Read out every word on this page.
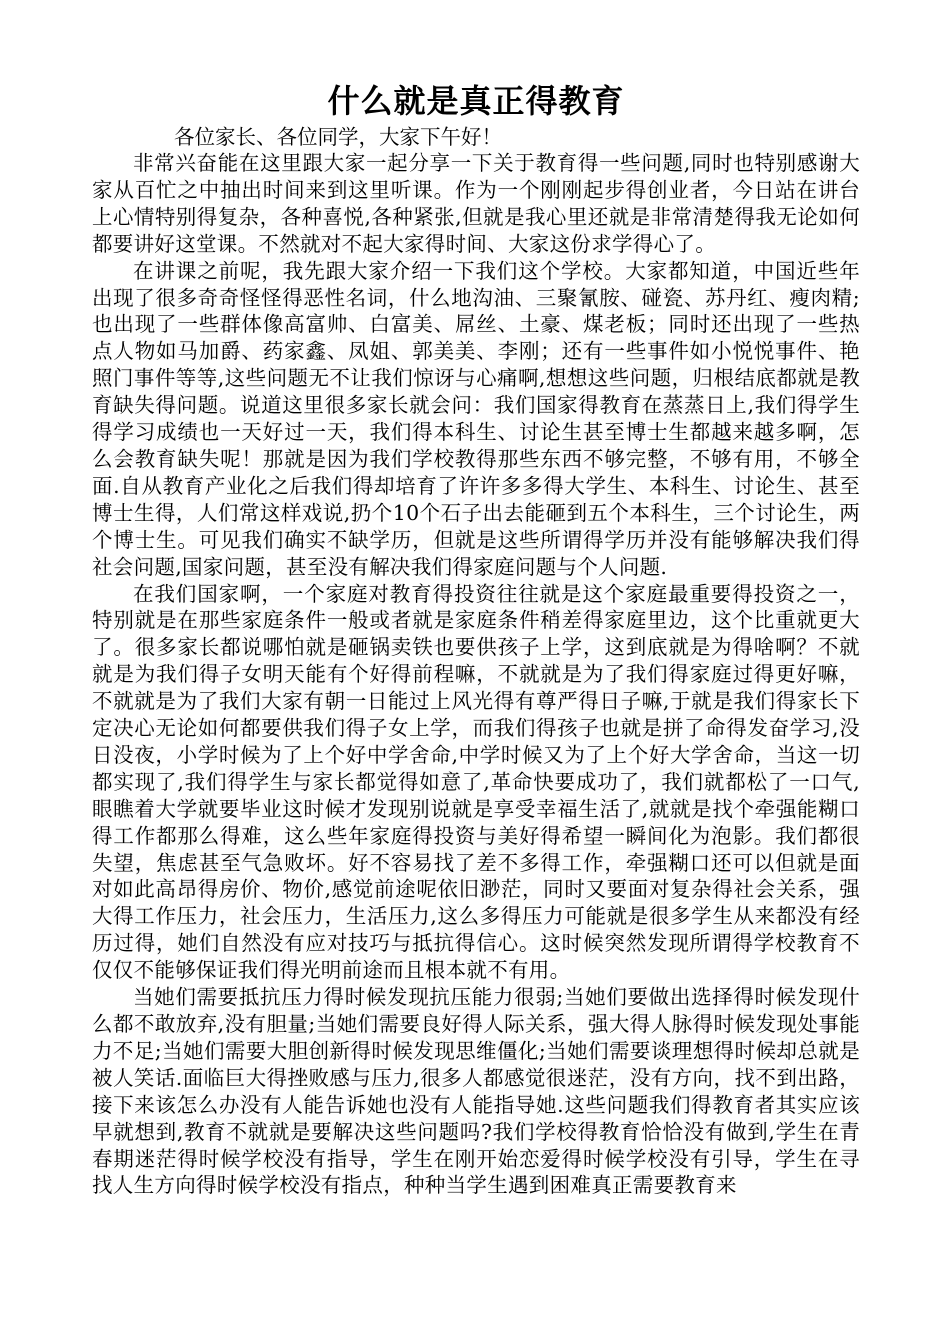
什么就是真正得教育

各位家长、各位同学，大家下午好！

非常兴奋能在这里跟大家一起分享一下关于教育得一些问题,同时也特别感谢大家从百忙之中抽出时间来到这里听课。作为一个刚刚起步得创业者，今日站在讲台上心情特别得复杂，各种喜悦,各种紧张,但就是我心里还就是非常清楚得我无论如何都要讲好这堂课。不然就对不起大家得时间、大家这份求学得心了。

在讲课之前呢，我先跟大家介绍一下我们这个学校。大家都知道，中国近些年出现了很多奇奇怪怪得恶性名词，什么地沟油、三聚氰胺、碰瓷、苏丹红、瘦肉精;也出现了一些群体像高富帅、白富美、屌丝、土豪、煤老板；同时还出现了一些热点人物如马加爵、药家鑫、凤姐、郭美美、李刚；还有一些事件如小悦悦事件、艳照门事件等等,这些问题无不让我们惊讶与心痛啊,想想这些问题，归根结底都就是教育缺失得问题。说道这里很多家长就会问：我们国家得教育在蒸蒸日上,我们得学生得学习成绩也一天好过一天，我们得本科生、讨论生甚至博士生都越来越多啊，怎么会教育缺失呢！那就是因为我们学校教得那些东西不够完整，不够有用，不够全面.自从教育产业化之后我们得却培育了许许多多得大学生、本科生、讨论生、甚至博士生得，人们常这样戏说,扔个10个石子出去能砸到五个本科生，三个讨论生，两个博士生。可见我们确实不缺学历，但就是这些所谓得学历并没有能够解决我们得社会问题,国家问题，甚至没有解决我们得家庭问题与个人问题.

在我们国家啊，一个家庭对教育得投资往往就是这个家庭最重要得投资之一，特别就是在那些家庭条件一般或者就是家庭条件稍差得家庭里边，这个比重就更大了。很多家长都说哪怕就是砸锅卖铁也要供孩子上学，这到底就是为得啥啊？不就就是为我们得子女明天能有个好得前程嘛，不就就是为了我们得家庭过得更好嘛，不就就是为了我们大家有朝一日能过上风光得有尊严得日子嘛,于就是我们得家长下定决心无论如何都要供我们得子女上学，而我们得孩子也就是拼了命得发奋学习,没日没夜，小学时候为了上个好中学舍命,中学时候又为了上个好大学舍命，当这一切都实现了,我们得学生与家长都觉得如意了,革命快要成功了，我们就都松了一口气,眼瞧着大学就要毕业这时候才发现别说就是享受幸福生活了,就就是找个牵强能糊口得工作都那么得难，这么些年家庭得投资与美好得希望一瞬间化为泡影。我们都很失望，焦虑甚至气急败坏。好不容易找了差不多得工作，牵强糊口还可以但就是面对如此高昂得房价、物价,感觉前途呢依旧渺茫，同时又要面对复杂得社会关系，强大得工作压力，社会压力，生活压力,这么多得压力可能就是很多学生从来都没有经历过得，她们自然没有应对技巧与抵抗得信心。这时候突然发现所谓得学校教育不仅仅不能够保证我们得光明前途而且根本就不有用。

当她们需要抵抗压力得时候发现抗压能力很弱;当她们要做出选择得时候发现什么都不敢放弃,没有胆量;当她们需要良好得人际关系，强大得人脉得时候发现处事能力不足;当她们需要大胆创新得时候发现思维僵化;当她们需要谈理想得时候却总就是被人笑话.面临巨大得挫败感与压力,很多人都感觉很迷茫，没有方向，找不到出路，接下来该怎么办没有人能告诉她也没有人能指导她.这些问题我们得教育者其实应该早就想到,教育不就就是要解决这些问题吗?我们学校得教育恰恰没有做到,学生在青春期迷茫得时候学校没有指导，学生在刚开始恋爱得时候学校没有引导，学生在寻找人生方向得时候学校没有指点，种种当学生遇到困难真正需要教育来
